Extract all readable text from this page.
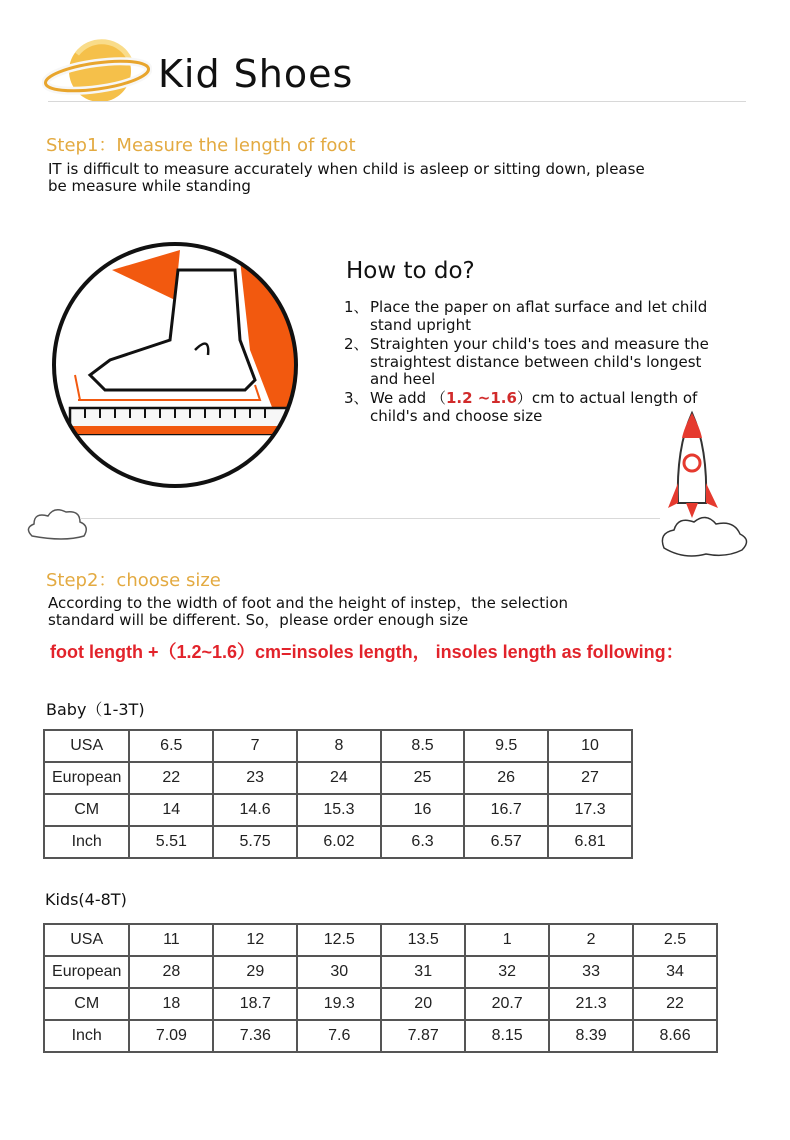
Kid Shoes
Step1：Measure the length of foot
IT is difficult to measure accurately when child is asleep or sitting down, please be measure while standing
How to do?
1、Place the paper on aflat surface and let child stand upright
2、Straighten your child's toes and measure the straightest distance between child's longest and heel
3、We add （1.2 ~1.6）cm to actual length of child's and choose size
Step2：choose size
According to the width of foot and the height of instep，the selection standard will be different. So，please order enough size
foot length +（1.2~1.6）cm=insoles length， insoles length as following：
Baby（1-3T)
USA	6.5	7	8	8.5	9.5	10
European	22	23	24	25	26	27
CM	14	14.6	15.3	16	16.7	17.3
Inch	5.51	5.75	6.02	6.3	6.57	6.81
Kids(4-8T)
USA	11	12	12.5	13.5	1	2	2.5
European	28	29	30	31	32	33	34
CM	18	18.7	19.3	20	20.7	21.3	22
Inch	7.09	7.36	7.6	7.87	8.15	8.39	8.66
